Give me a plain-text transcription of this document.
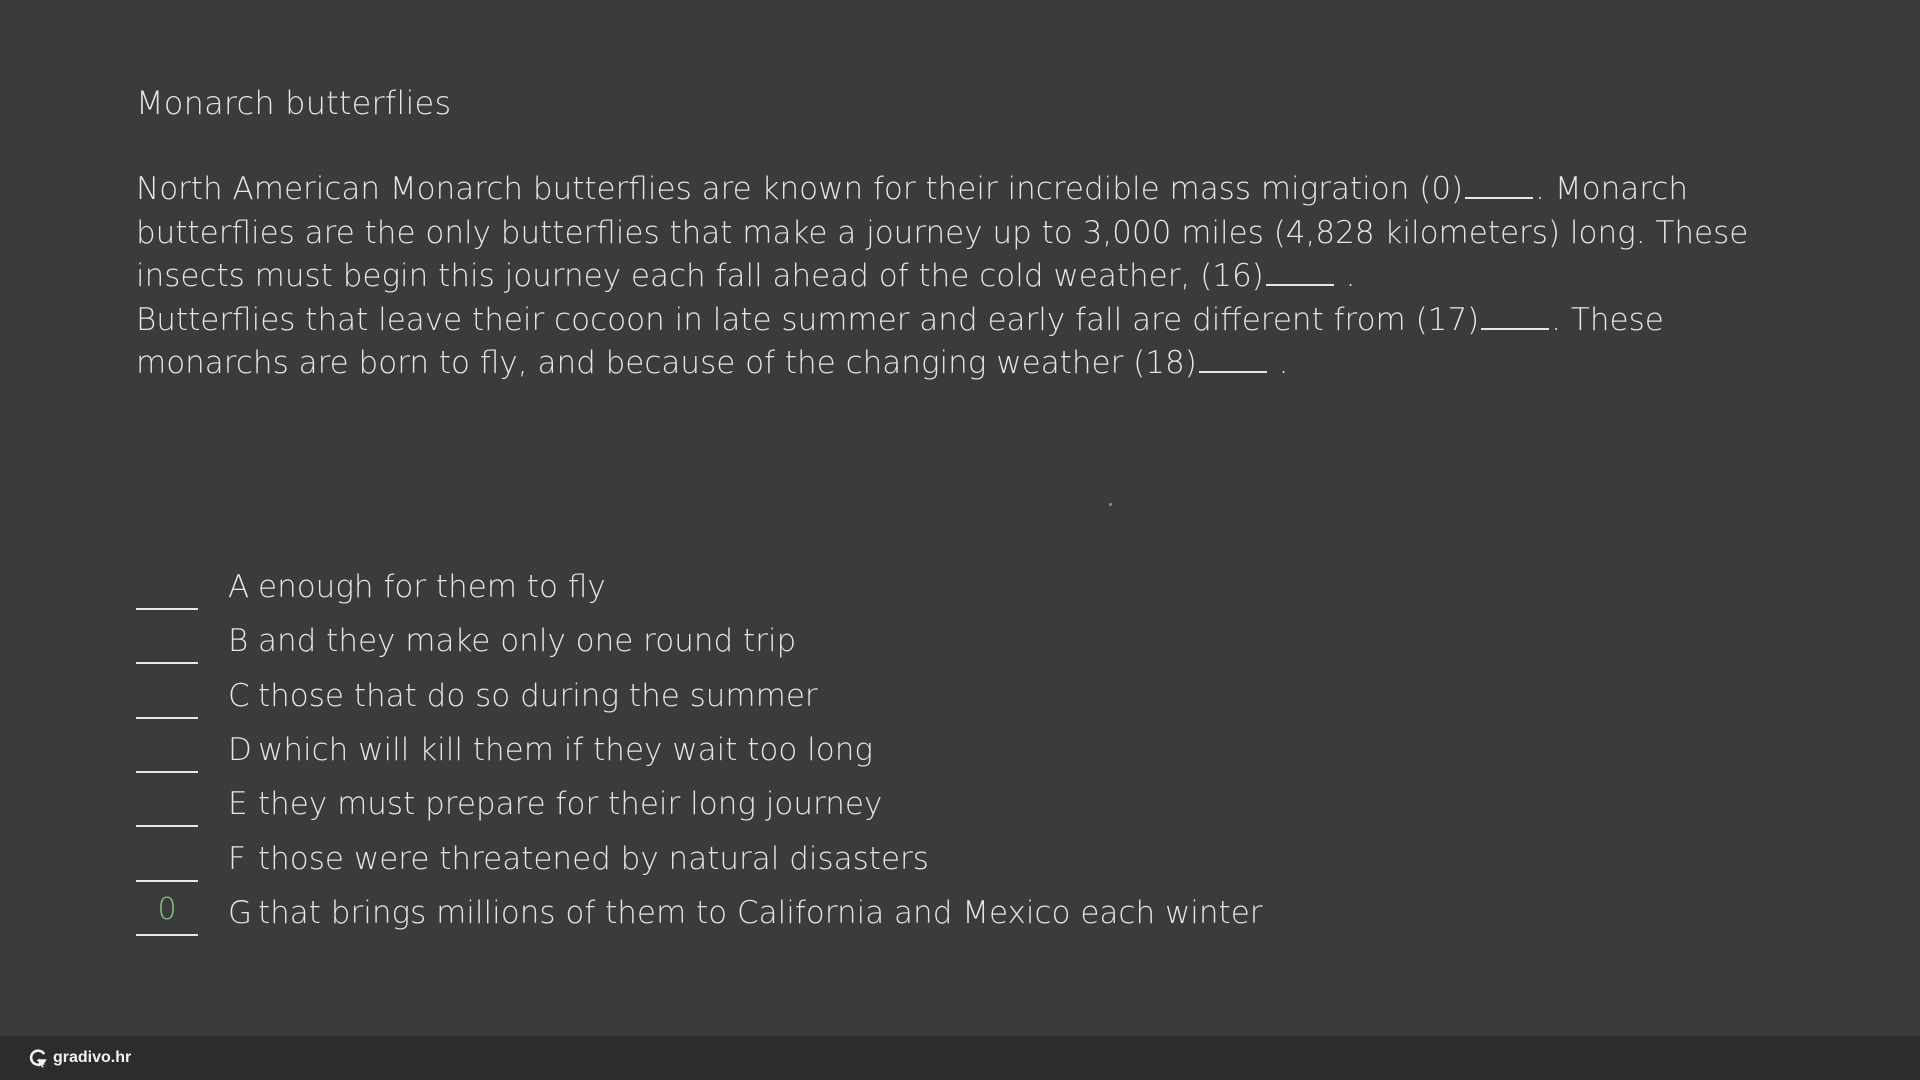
Monarch butterflies
North American Monarch butterflies are known for their incredible mass migration (0) . Monarch
butterflies are the only butterflies that make a journey up to 3,000 miles (4,828 kilometers) long. These
insects must begin this journey each fall ahead of the cold weather, (16) .
Butterflies that leave their cocoon in late summer and early fall are different from (17) . These
monarchs are born to fly, and because of the changing weather (18) .
A enough for them to fly
B and they make only one round trip
C those that do so during the summer
D which will kill them if they wait too long
E they must prepare for their long journey
F those were threatened by natural disasters
0	G that brings millions of them to California and Mexico each winter
gradivo.hr
